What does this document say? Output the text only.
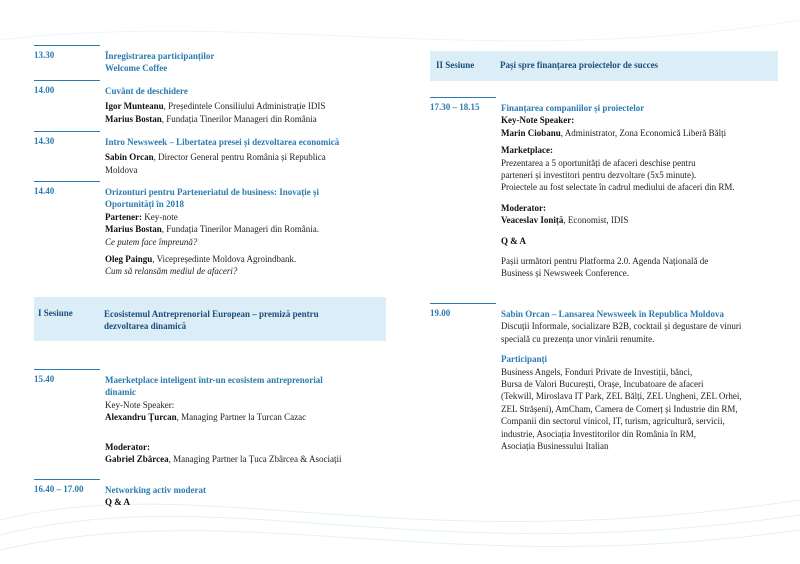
13.30	Înregistrarea participanților
Welcome Coffee
14.00	Cuvânt de deschidere
Igor Munteanu, Președintele Consiliului Administrație IDIS
Marius Bostan, Fundația Tinerilor Manageri din România
14.30	Intro Newsweek – Libertatea presei și dezvoltarea economică
Sabin Orcan, Director General pentru România și Republica
Moldova
14.40	Orizonturi pentru Parteneriatul de business: Inovație și
Oportunități în 2018
Partener: Key-note
Marius Bostan, Fundația Tinerilor Manageri din România.
Ce putem face împreună?
Oleg Paingu, Vicepreședinte Moldova Agroindbank.
Cum să relansăm mediul de afaceri?
I Sesiune	Ecosistemul Antreprenorial European – premiză pentru
dezvoltarea dinamică
15.40	Maerketplace inteligent într-un ecosistem antreprenorial
dinamic
Key-Note Speaker:
Alexandru Țurcan, Managing Partner la Turcan Cazac
Moderator:
Gabriel Zbârcea, Managing Partner la Țuca Zbârcea & Asociații
16.40 – 17.00 Networking activ moderat
Q & A
II Sesiune	Pași spre finanțarea proiectelor de succes
17.30 – 18.15 Finanțarea companiilor și proiectelor
Key-Note Speaker:
Marin Ciobanu, Administrator, Zona Economică Liberă Bălți
Marketplace:
Prezentarea a 5 oportunități de afaceri deschise pentru
parteneri și investitori pentru dezvoltare (5x5 minute).
Proiectele au fost selectate în cadrul mediului de afaceri din RM.
Moderator:
Veaceslav Ioniță, Economist, IDIS
Q & A
Pașii următori pentru Platforma 2.0. Agenda Națională de
Business și Newsweek Conference.
19.00	Sabin Orcan – Lansarea Newsweek în Republica Moldova
Discuții Informale, socializare B2B, cocktail și degustare de vinuri
specială cu prezența unor vinării renumite.
Participanți
Business Angels, Fonduri Private de Investiții, bănci,
Bursa de Valori București, Orașe, Incubatoare de afaceri
(Tekwill, Miroslava IT Park, ZEL Bălți, ZEL Ungheni, ZEL Orhei,
ZEL Strășeni), AmCham, Camera de Comerț și Industrie din RM,
Companii din sectorul vinicol, IT, turism, agricultură, servicii,
industrie, Asociația Investitorilor din România în RM,
Asociația Businessului Italian
